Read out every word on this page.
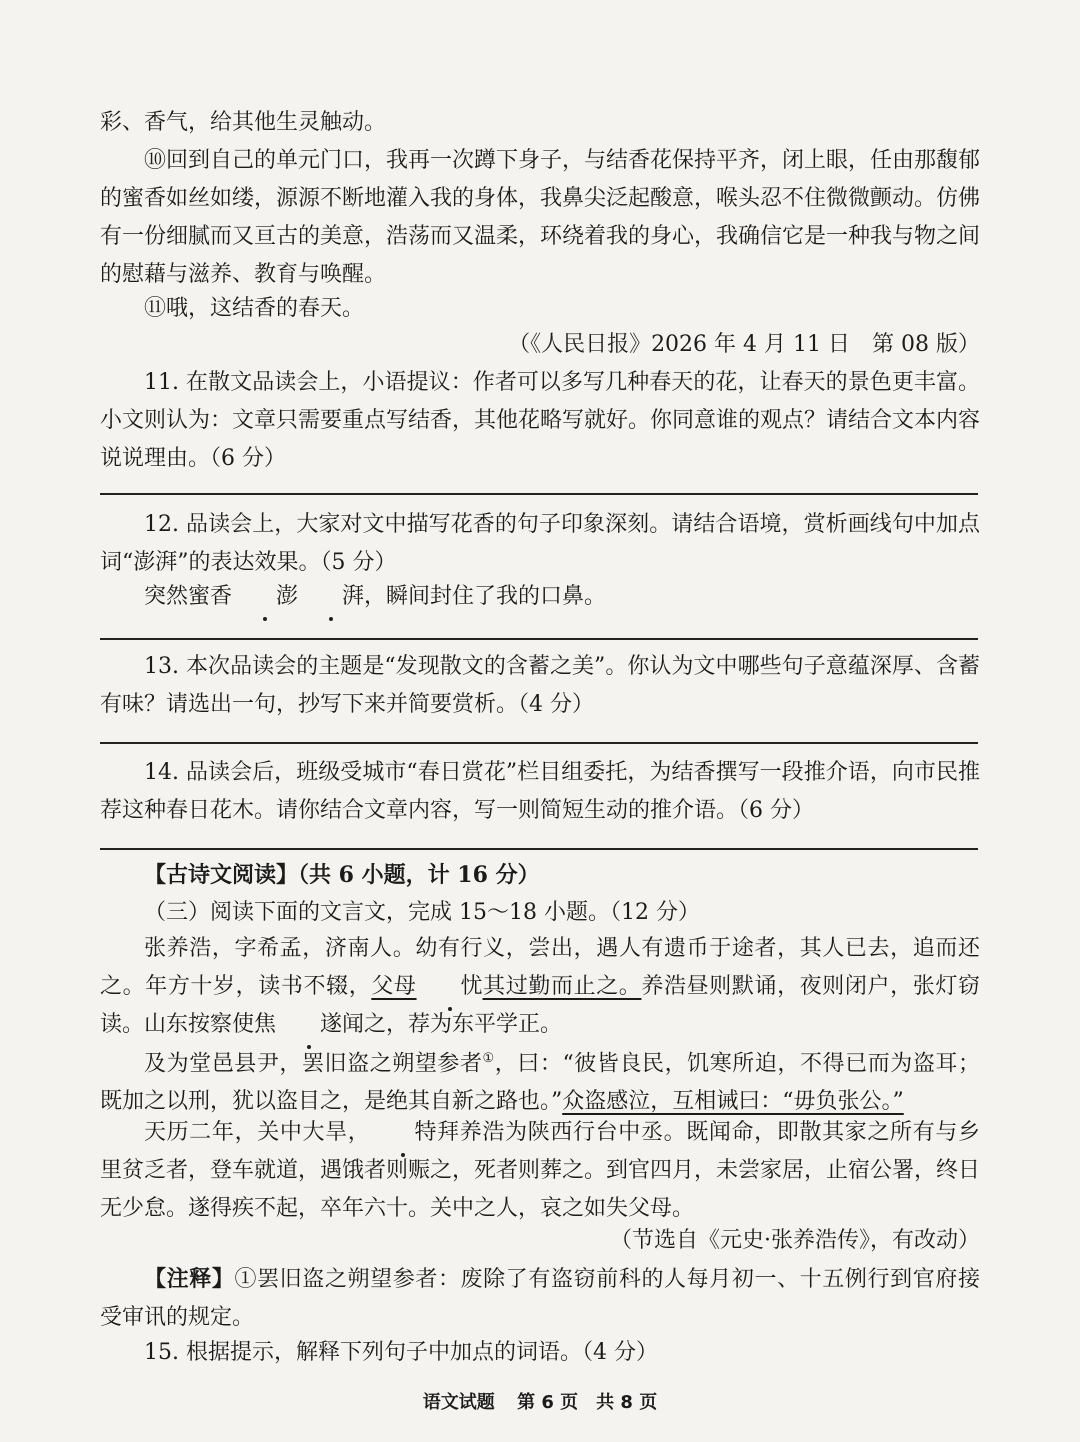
彩、香气，给其他生灵触动。

⑩回到自己的单元门口，我再一次蹲下身子，与结香花保持平齐，闭上眼，任由那馥郁的蜜香如丝如缕，源源不断地灌入我的身体，我鼻尖泛起酸意，喉头忍不住微微颤动。仿佛有一份细腻而又亘古的美意，浩荡而又温柔，环绕着我的身心，我确信它是一种我与物之间的慰藉与滋养、教育与唤醒。

⑪哦，这结香的春天。

（《人民日报》2026 年 4 月 11 日　第 08 版）

11. 在散文品读会上，小语提议：作者可以多写几种春天的花，让春天的景色更丰富。小文则认为：文章只需要重点写结香，其他花略写就好。你同意谁的观点？请结合文本内容说说理由。（6 分）

12. 品读会上，大家对文中描写花香的句子印象深刻。请结合语境，赏析画线句中加点词“澎湃”的表达效果。（5 分）

突然蜜香 澎 湃，瞬间封住了我的口鼻。

13. 本次品读会的主题是“发现散文的含蓄之美”。你认为文中哪些句子意蕴深厚、含蓄有味？请选出一句，抄写下来并简要赏析。（4 分）

14. 品读会后，班级受城市“春日赏花”栏目组委托，为结香撰写一段推介语，向市民推荐这种春日花木。请你结合文章内容，写一则简短生动的推介语。（6 分）

【古诗文阅读】（共 6 小题，计 16 分）

（三）阅读下面的文言文，完成 15～18 小题。（12 分）

张养浩，字希孟，济南人。幼有行义，尝出，遇人有遗币于途者，其人已去，追而还之。年方十岁，读书不辍，父母 忧其过勤而止之。养浩昼则默诵，夜则闭户，张灯窃读。山东按察使焦 遂闻之，荐为东平学正。

及为堂邑县尹，罢旧盗之朔望参者①，曰：“彼皆良民，饥寒所迫，不得已而为盗耳；既加之以刑，犹以盗目之，是绝其自新之路也。”众盗感泣，互相诫曰：“毋负张公。”

天历二年，关中大旱， 特拜养浩为陕西行台中丞。既闻命，即散其家之所有与乡里贫乏者，登车就道，遇饿者则赈之，死者则葬之。到官四月，未尝家居，止宿公署，终日无少怠。遂得疾不起，卒年六十。关中之人，哀之如失父母。

（节选自《元史·张养浩传》，有改动）

【注释】①罢旧盗之朔望参者：废除了有盗窃前科的人每月初一、十五例行到官府接受审讯的规定。

15. 根据提示，解释下列句子中加点的词语。（4 分）

语文试题 第 6 页　共 8 页
